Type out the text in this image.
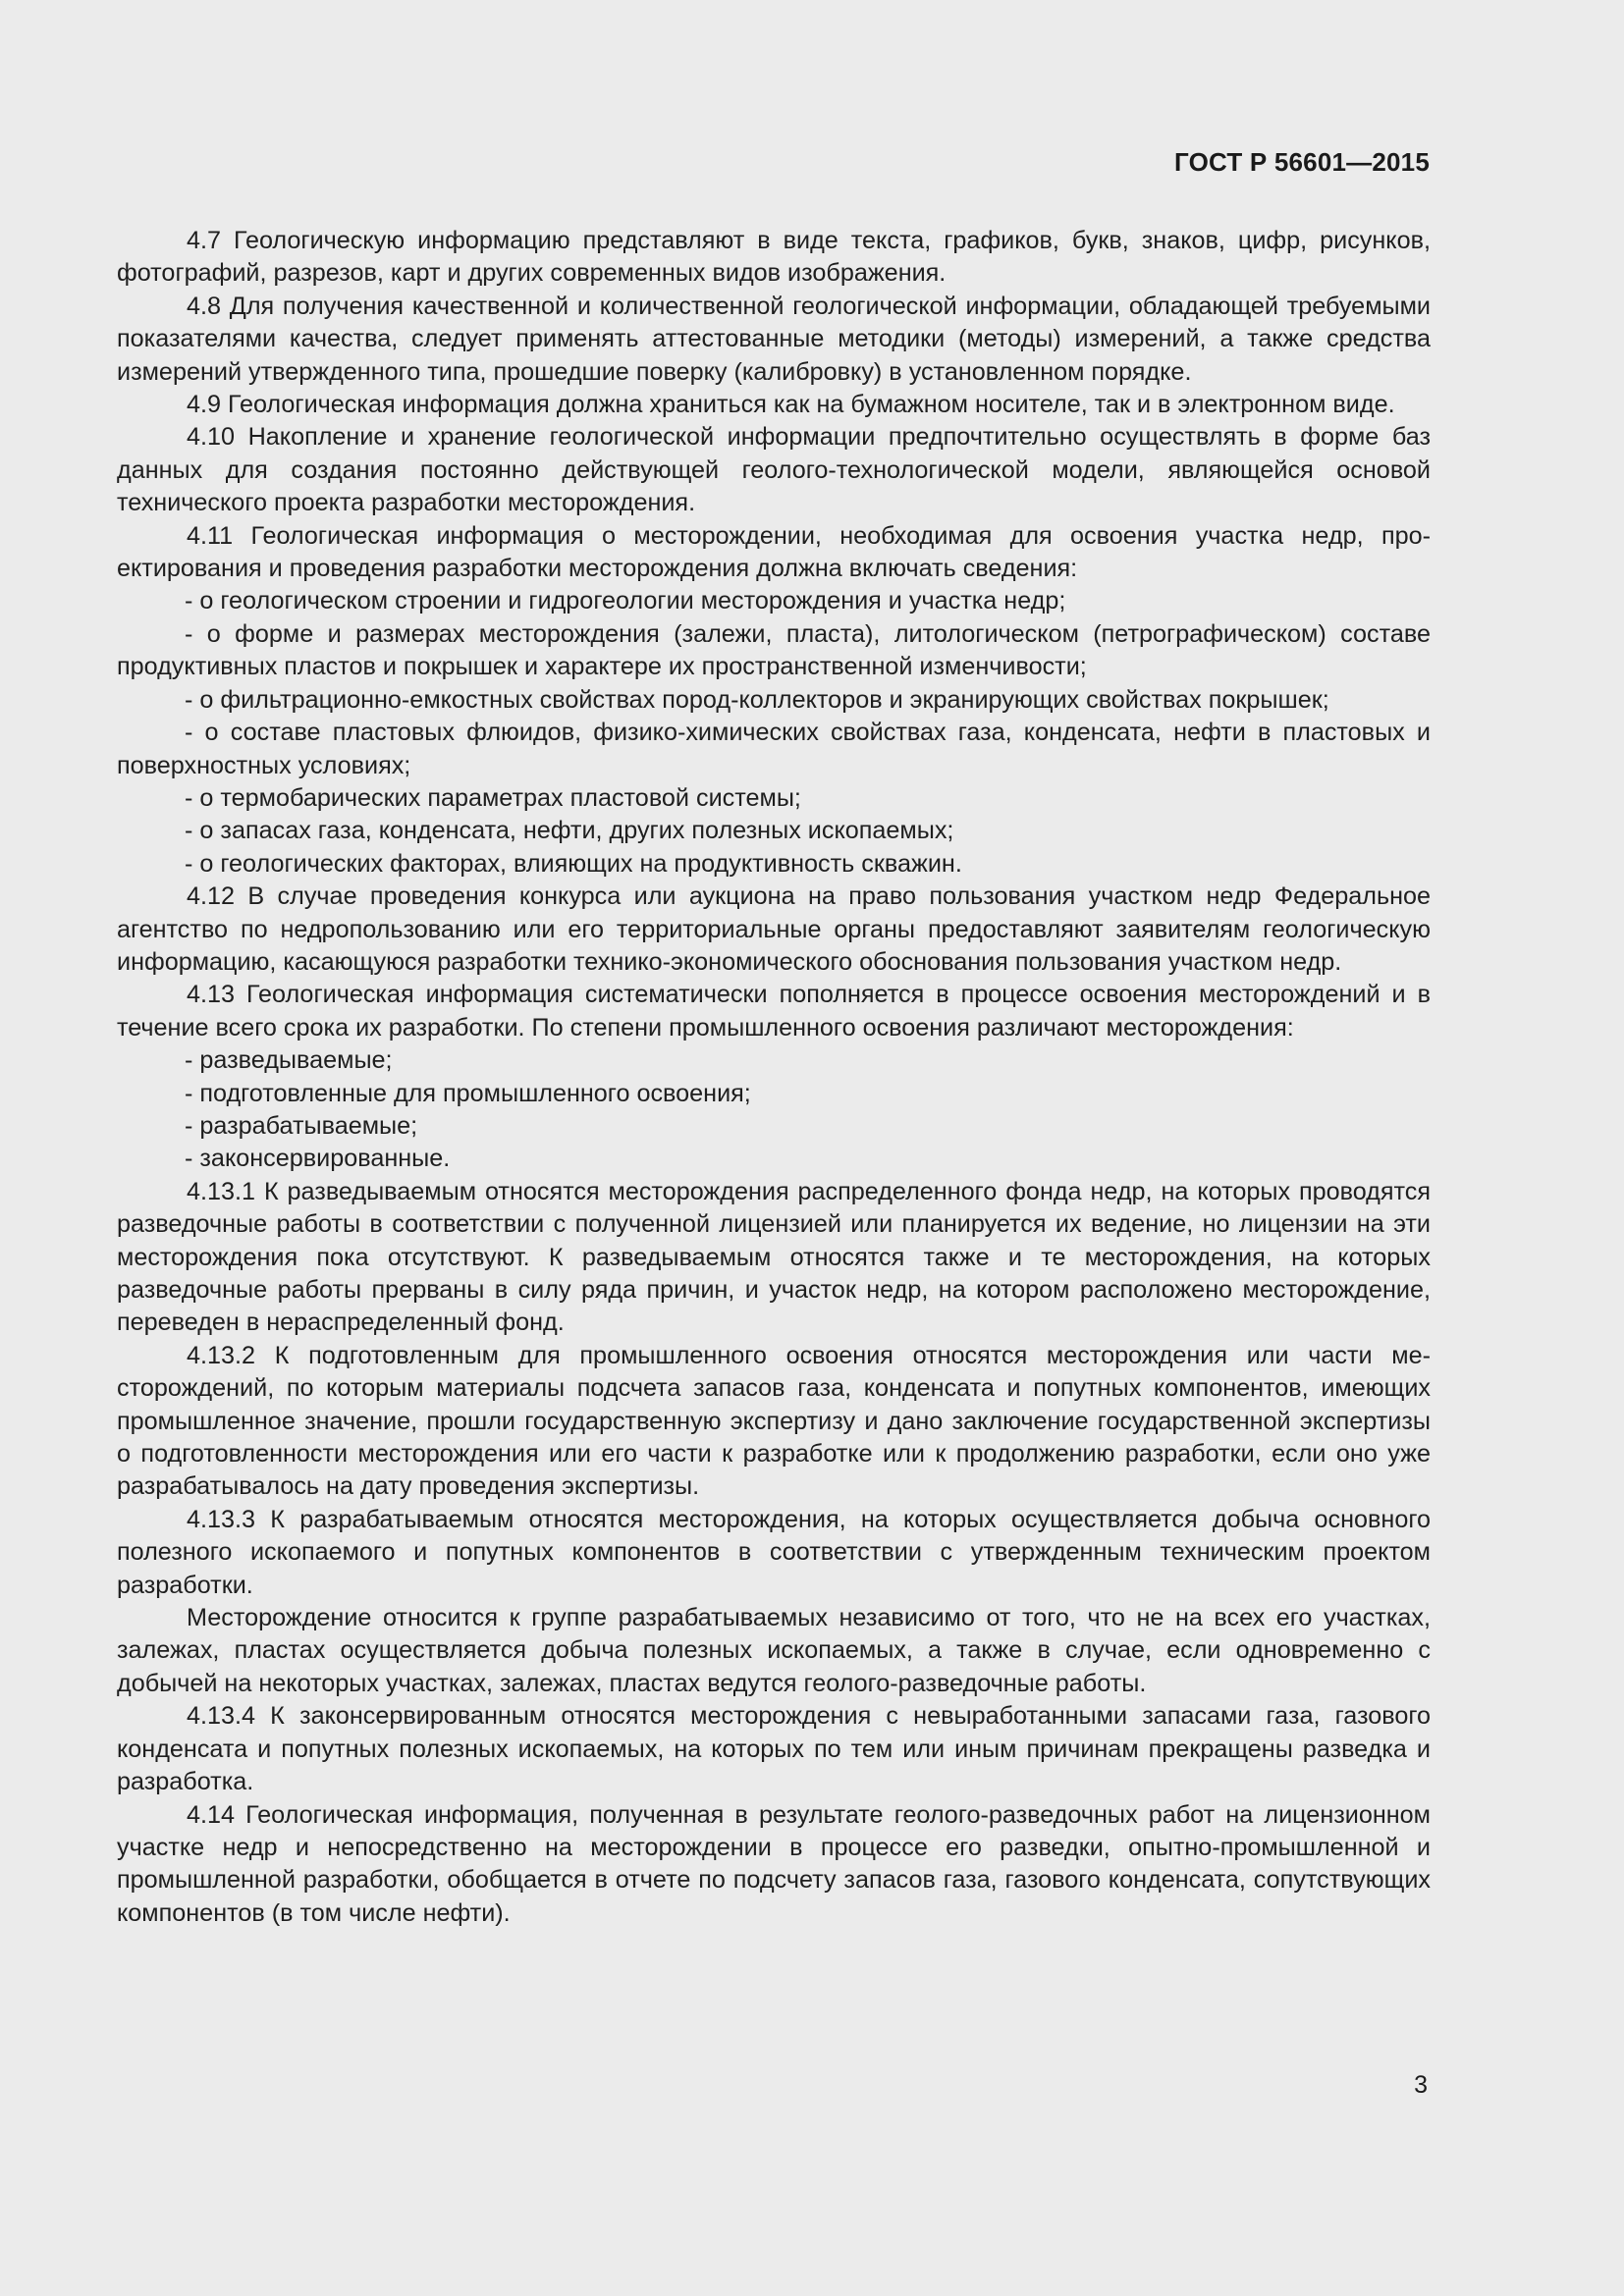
ГОСТ Р 56601—2015

4.7 Геологическую информацию представляют в виде текста, графиков, букв, знаков, цифр, рисунков, фотографий, разрезов, карт и других современных видов изображения.

4.8 Для получения качественной и количественной геологической информации, обладающей требуемыми показателями качества, следует применять аттестованные методики (методы) измерений, а также средства измерений утвержденного типа, прошедшие поверку (калибровку) в установленном порядке.

4.9 Геологическая информация должна храниться как на бумажном носителе, так и в электронном виде.

4.10 Накопление и хранение геологической информации предпочтительно осуществлять в форме баз данных для создания постоянно действующей геолого-технологической модели, являющейся основой технического проекта разработки месторождения.

4.11 Геологическая информация о месторождении, необходимая для освоения участка недр, проектирования и проведения разработки месторождения должна включать сведения:

- о геологическом строении и гидрогеологии месторождения и участка недр;

- о форме и размерах месторождения (залежи, пласта), литологическом (петрографическом) составе продуктивных пластов и покрышек и характере их пространственной изменчивости;

- о фильтрационно-емкостных свойствах пород-коллекторов и экранирующих свойствах покрышек;

- о составе пластовых флюидов, физико-химических свойствах газа, конденсата, нефти в пластовых и поверхностных условиях;

- о термобарических параметрах пластовой системы;

- о запасах газа, конденсата, нефти, других полезных ископаемых;

- о геологических факторах, влияющих на продуктивность скважин.

4.12 В случае проведения конкурса или аукциона на право пользования участком недр Федеральное агентство по недропользованию или его территориальные органы предоставляют заявителям геологическую информацию, касающуюся разработки технико-экономического обоснования пользования участком недр.

4.13 Геологическая информация систематически пополняется в процессе освоения месторождений и в течение всего срока их разработки. По степени промышленного освоения различают месторождения:

- разведываемые;

- подготовленные для промышленного освоения;

- разрабатываемые;

- законсервированные.

4.13.1 К разведываемым относятся месторождения распределенного фонда недр, на которых проводятся разведочные работы в соответствии с полученной лицензией или планируется их ведение, но лицензии на эти месторождения пока отсутствуют. К разведываемым относятся также и те месторождения, на которых разведочные работы прерваны в силу ряда причин, и участок недр, на котором расположено месторождение, переведен в нераспределенный фонд.

4.13.2 К подготовленным для промышленного освоения относятся месторождения или части месторождений, по которым материалы подсчета запасов газа, конденсата и попутных компонентов, имеющих промышленное значение, прошли государственную экспертизу и дано заключение государственной экспертизы о подготовленности месторождения или его части к разработке или к продолжению разработки, если оно уже разрабатывалось на дату проведения экспертизы.

4.13.3 К разрабатываемым относятся месторождения, на которых осуществляется добыча основного полезного ископаемого и попутных компонентов в соответствии с утвержденным техническим проектом разработки.

Месторождение относится к группе разрабатываемых независимо от того, что не на всех его участках, залежах, пластах осуществляется добыча полезных ископаемых, а также в случае, если одновременно с добычей на некоторых участках, залежах, пластах ведутся геолого-разведочные работы.

4.13.4 К законсервированным относятся месторождения с невыработанными запасами газа, газового конденсата и попутных полезных ископаемых, на которых по тем или иным причинам прекращены разведка и разработка.

4.14 Геологическая информация, полученная в результате геолого-разведочных работ на лицензионном участке недр и непосредственно на месторождении в процессе его разведки, опытно-промышленной и промышленной разработки, обобщается в отчете по подсчету запасов газа, газового конденсата, сопутствующих компонентов (в том числе нефти).

3
